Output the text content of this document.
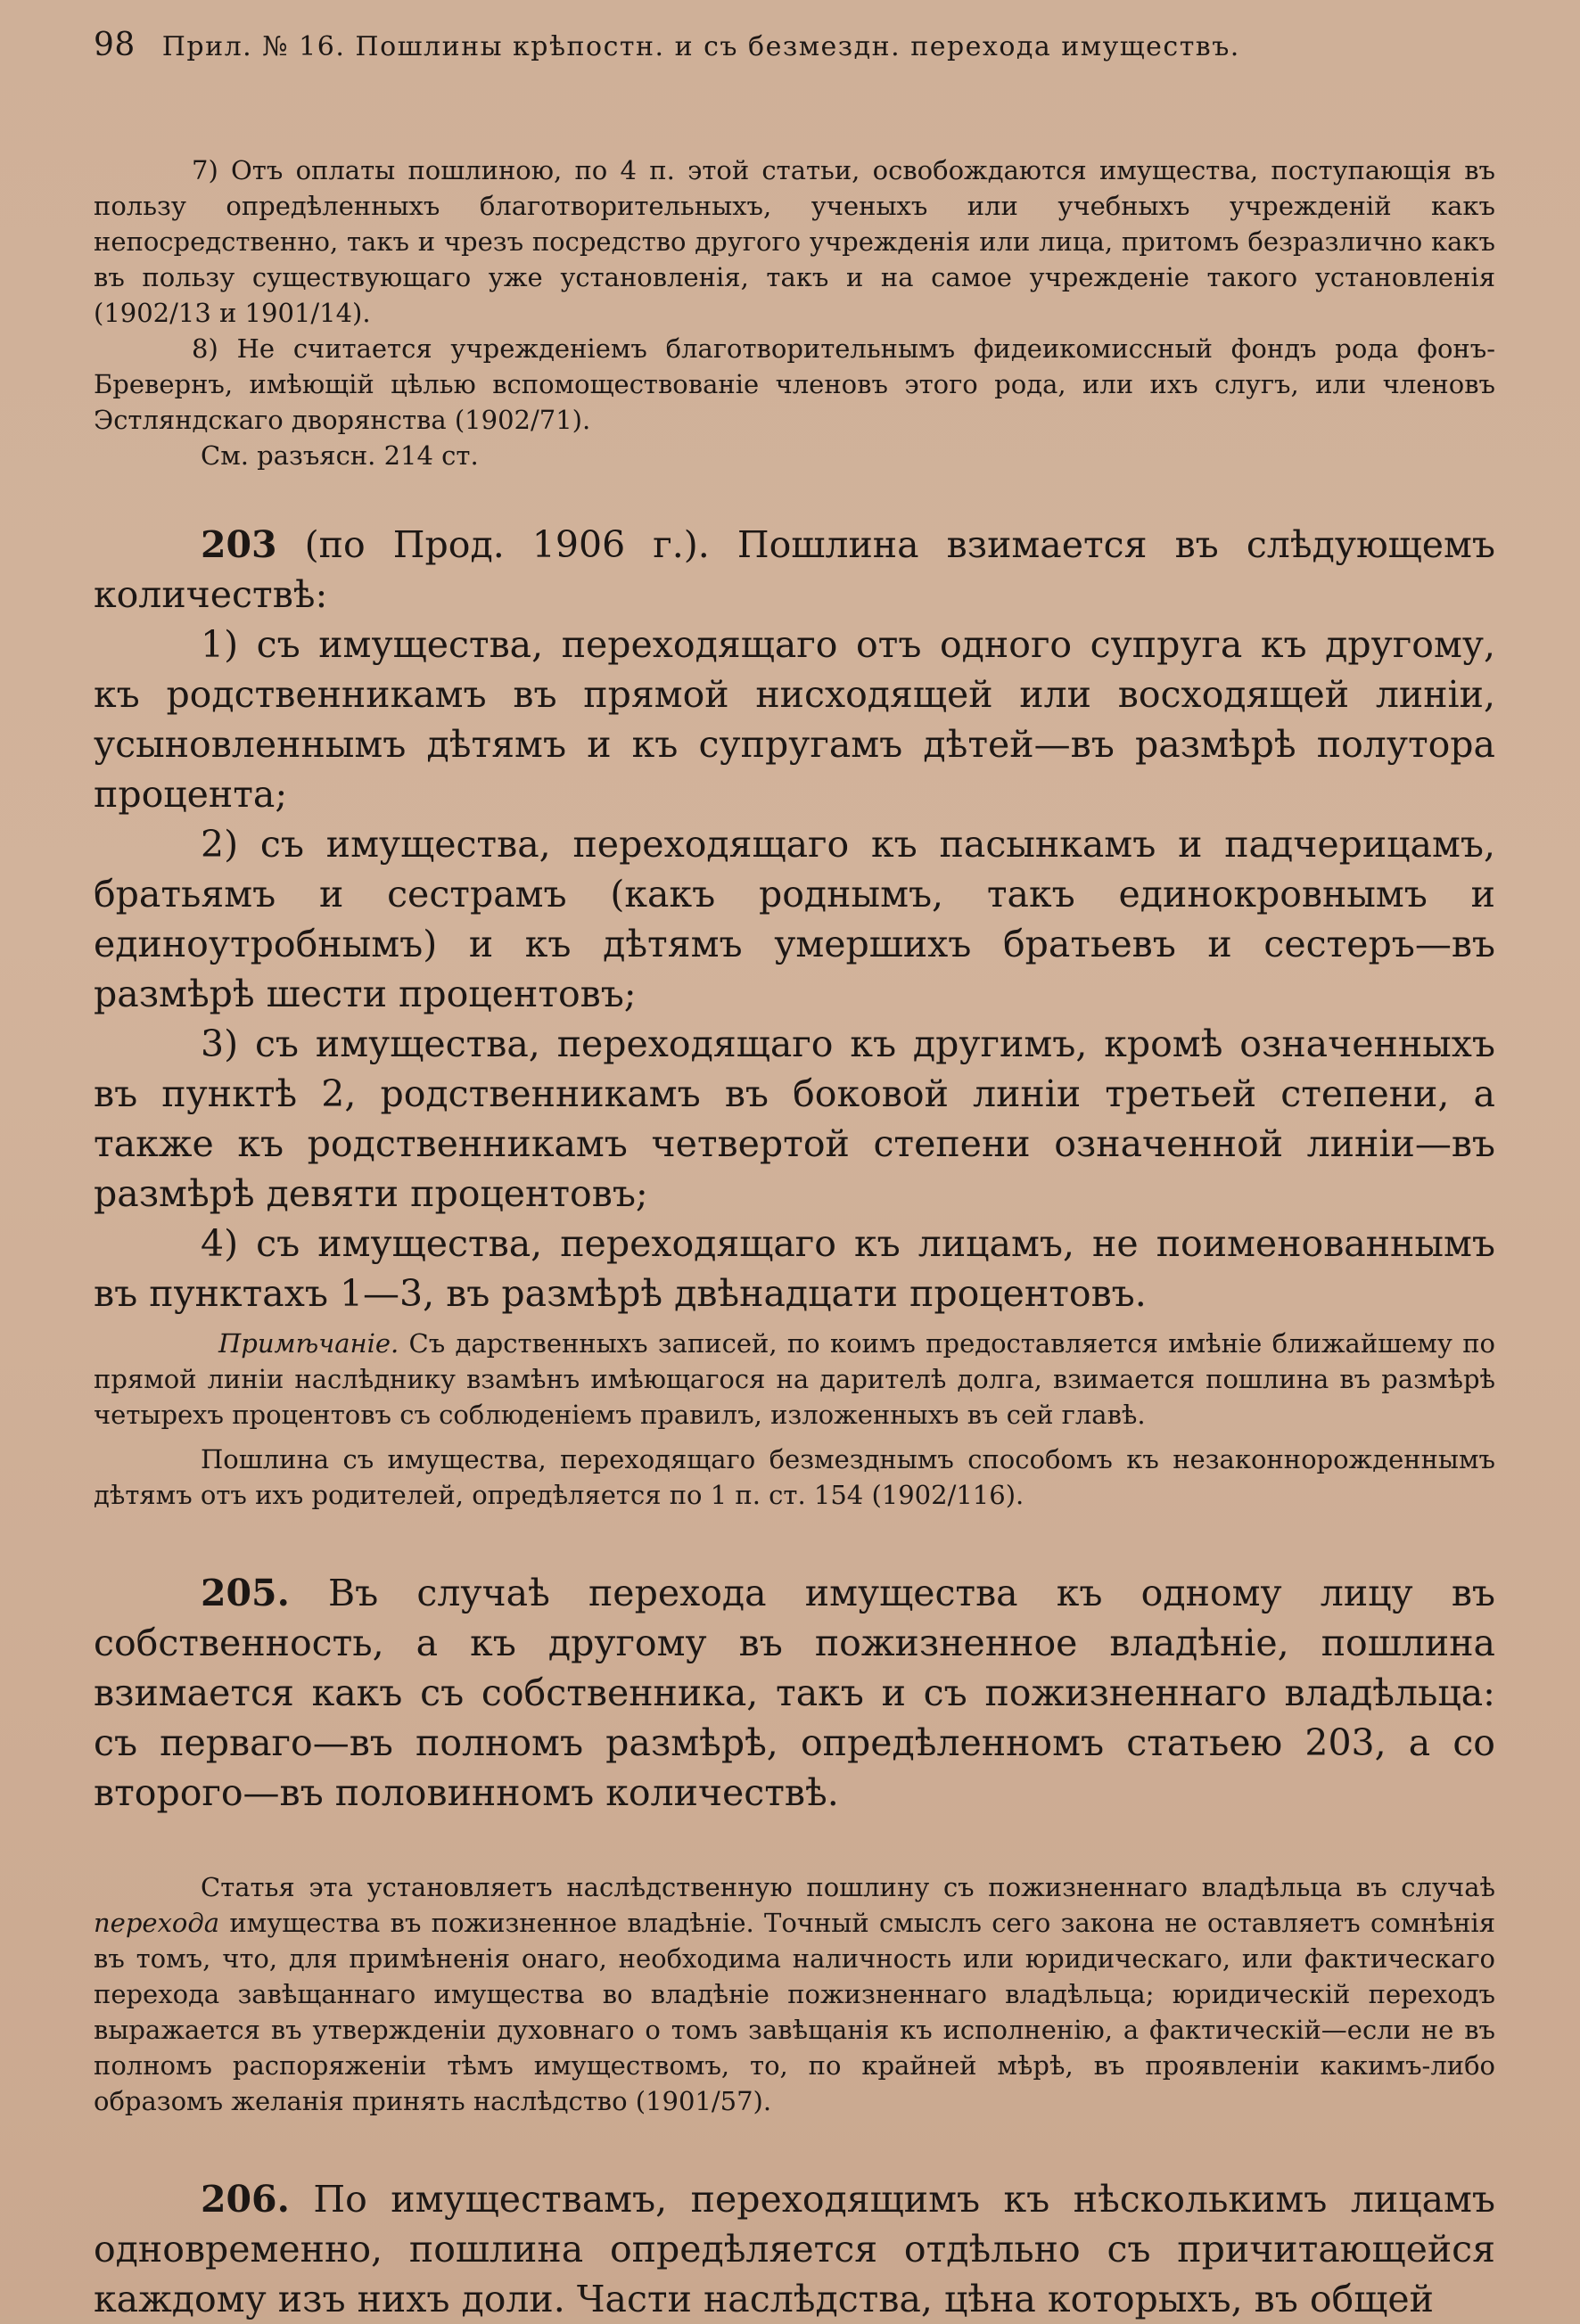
98 Прил. № 16. Пошлины крѣпостн. и съ безмездн. перехода имуществъ.

7) Отъ оплаты пошлиною, по 4 п. этой статьи, освобождаются имущества, поступающія въ пользу опредѣленныхъ благотворительныхъ, ученыхъ или учебныхъ учрежденій какъ непосредственно, такъ и чрезъ посредство другого учрежденія или лица, притомъ безразлично какъ въ пользу существующаго уже установленія, такъ и на самое учрежденіе такого установленія (1902/13 и 1901/14).

8) Не считается учрежденіемъ благотворительнымъ фидеикомиссный фондъ рода фонъ-Бревернъ, имѣющій цѣлью вспомоществованіе членовъ этого рода, или ихъ слугъ, или членовъ Эстляндскаго дворянства (1902/71).

См. разъясн. 214 ст.

203 (по Прод. 1906 г.). Пошлина взимается въ слѣдующемъ количествѣ:

1) съ имущества, переходящаго отъ одного супруга къ другому, къ родственникамъ въ прямой нисходящей или восходящей линіи, усыновленнымъ дѣтямъ и къ супругамъ дѣтей—въ размѣрѣ полутора процента;

2) съ имущества, переходящаго къ пасынкамъ и падчерицамъ, братьямъ и сестрамъ (какъ роднымъ, такъ единокровнымъ и единоутробнымъ) и къ дѣтямъ умершихъ братьевъ и сестеръ—въ размѣрѣ шести процентовъ;

3) съ имущества, переходящаго къ другимъ, кромѣ означенныхъ въ пунктѣ 2, родственникамъ въ боковой линіи третьей степени, а также къ родственникамъ четвертой степени означенной линіи—въ размѣрѣ девяти процентовъ;

4) съ имущества, переходящаго къ лицамъ, не поименованнымъ въ пунктахъ 1—3, въ размѣрѣ двѣнадцати процентовъ.

Примѣчаніе. Съ дарственныхъ записей, по коимъ предоставляется имѣніе ближайшему по прямой линіи наслѣднику взамѣнъ имѣющагося на дарителѣ долга, взимается пошлина въ размѣрѣ четырехъ процентовъ съ соблюденіемъ правилъ, изложенныхъ въ сей главѣ.

Пошлина съ имущества, переходящаго безмезднымъ способомъ къ незаконнорожденнымъ дѣтямъ отъ ихъ родителей, опредѣляется по 1 п. ст. 154 (1902/116).

205. Въ случаѣ перехода имущества къ одному лицу въ собственность, а къ другому въ пожизненное владѣніе, пошлина взимается какъ съ собственника, такъ и съ пожизненнаго владѣльца: съ перваго—въ полномъ размѣрѣ, опредѣленномъ статьею 203, а со второго—въ половинномъ количествѣ.

Статья эта установляетъ наслѣдственную пошлину съ пожизненнаго владѣльца въ случаѣ перехода имущества въ пожизненное владѣніе. Точный смыслъ сего закона не оставляетъ сомнѣнія въ томъ, что, для примѣненія онаго, необходима наличность или юридическаго, или фактическаго перехода завѣщаннаго имущества во владѣніе пожизненнаго владѣльца; юридическій переходъ выражается въ утвержденіи духовнаго о томъ завѣщанія къ исполненію, а фактическій—если не въ полномъ распоряженіи тѣмъ имуществомъ, то, по крайней мѣрѣ, въ проявленіи какимъ-либо образомъ желанія принять наслѣдство (1901/57).

206. По имуществамъ, переходящимъ къ нѣсколькимъ лицамъ одновременно, пошлина опредѣляется отдѣльно съ причитающейся каждому изъ нихъ доли. Части наслѣдства, цѣна которыхъ, въ общей
